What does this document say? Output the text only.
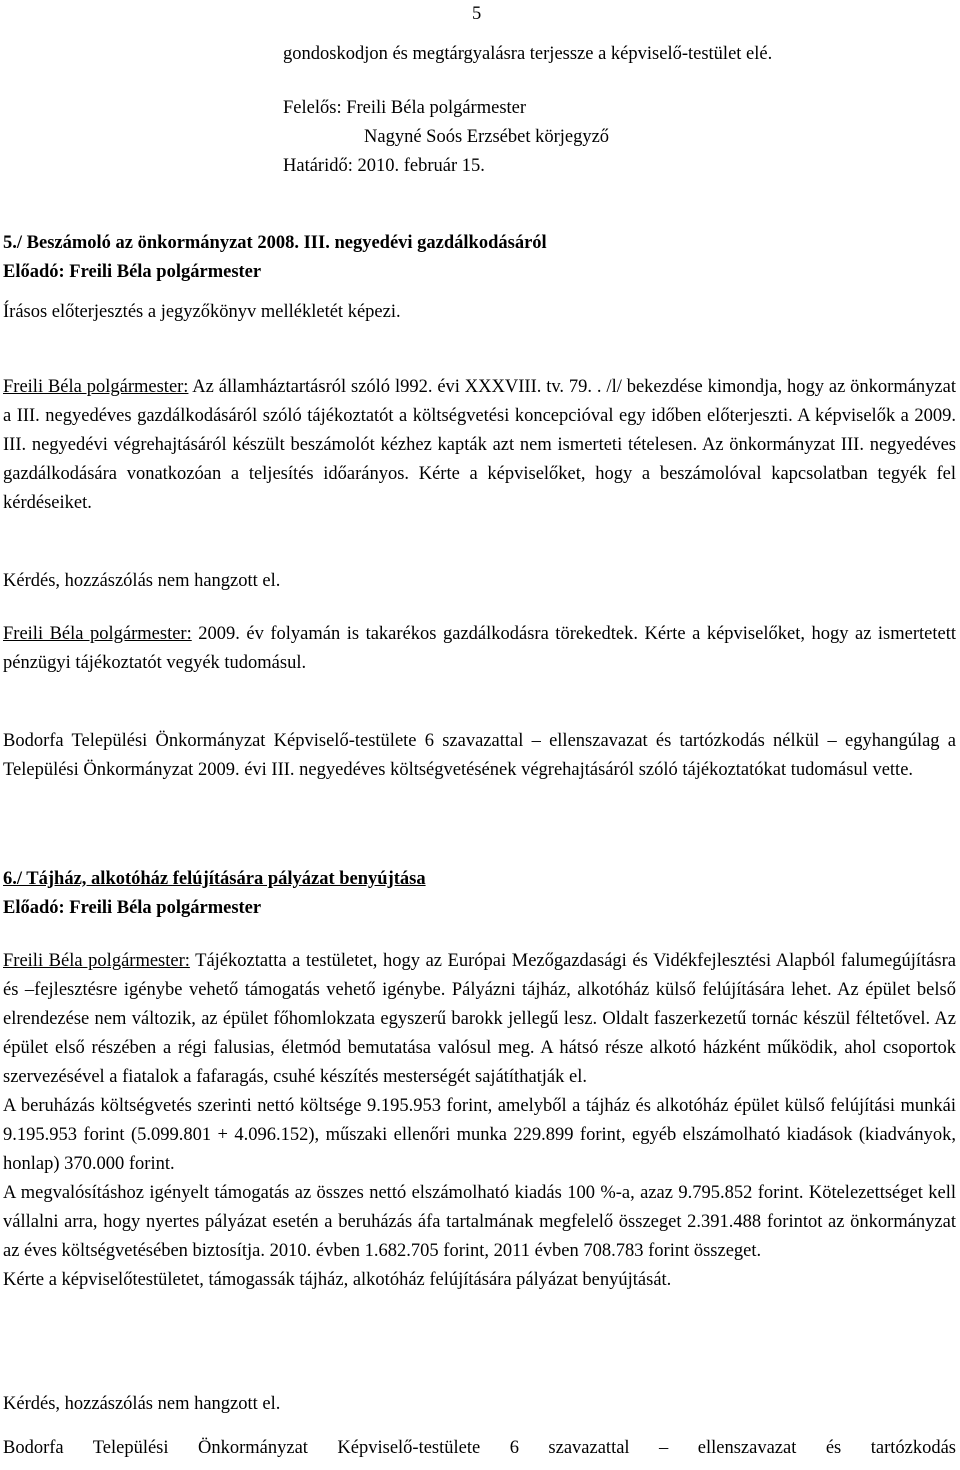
5
gondoskodjon és megtárgyalásra terjessze a képviselő-testület elé.
Felelős: Freili Béla polgármester
Nagyné Soós Erzsébet körjegyző
Határidő: 2010. február 15.
5./ Beszámoló az önkormányzat 2008. III. negyedévi gazdálkodásáról
Előadó: Freili Béla polgármester
Írásos előterjesztés a jegyzőkönyv mellékletét képezi.

Freili Béla polgármester: Az államháztartásról szóló l992. évi XXXVIII. tv. 79. . /l/ bekezdése kimondja, hogy az önkormányzat a III. negyedéves gazdálkodásáról szóló tájékoztatót a költségvetési koncepcióval egy időben előterjeszti. A képviselők a 2009. III. negyedévi végrehajtásáról készült beszámolót kézhez kapták azt nem ismerteti tételesen. Az önkormányzat III. negyedéves gazdálkodására vonatkozóan a teljesítés időarányos. Kérte a képviselőket, hogy a beszámolóval kapcsolatban tegyék fel kérdéseiket.

Kérdés, hozzászólás nem hangzott el.

Freili Béla polgármester: 2009. év folyamán is takarékos gazdálkodásra törekedtek. Kérte a képviselőket, hogy az ismertetett pénzügyi tájékoztatót vegyék tudomásul.

Bodorfa Települési Önkormányzat Képviselő-testülete 6 szavazattal – ellenszavazat és tartózkodás nélkül – egyhangúlag a Települési Önkormányzat 2009. évi III. negyedéves költségvetésének végrehajtásáról szóló tájékoztatókat tudomásul vette.

6./ Tájház, alkotóház felújítására pályázat benyújtása
Előadó: Freili Béla polgármester

Freili Béla polgármester: Tájékoztatta a testületet, hogy az Európai Mezőgazdasági és Vidékfejlesztési Alapból falumegújításra és –fejlesztésre igénybe vehető támogatás vehető igénybe. Pályázni tájház, alkotóház külső felújítására lehet. Az épület belső elrendezése nem változik, az épület főhomlokzata egyszerű barokk jellegű lesz. Oldalt faszerkezetű tornác készül féltetővel. Az épület első részében a régi falusias, életmód bemutatása valósul meg. A hátsó része alkotó házként működik, ahol csoportok szervezésével a fiatalok a fafaragás, csuhé készítés mesterségét sajátíthatják el.

A beruházás költségvetés szerinti nettó költsége 9.195.953 forint, amelyből a tájház és alkotóház épület külső felújítási munkái 9.195.953 forint (5.099.801 + 4.096.152), műszaki ellenőri munka 229.899 forint, egyéb elszámolható kiadások (kiadványok, honlap) 370.000 forint.

A megvalósításhoz igényelt támogatás az összes nettó elszámolható kiadás 100 %-a, azaz 9.795.852 forint. Kötelezettséget kell vállalni arra, hogy nyertes pályázat esetén a beruházás áfa tartalmának megfelelő összeget 2.391.488 forintot az önkormányzat az éves költségvetésében biztosítja. 2010. évben 1.682.705 forint, 2011 évben 708.783 forint összeget.

Kérte a képviselőtestületet, támogassák tájház, alkotóház felújítására pályázat benyújtását.

Kérdés, hozzászólás nem hangzott el.

Bodorfa Települési Önkormányzat Képviselő-testülete 6 szavazattal – ellenszavazat és tartózkodás
